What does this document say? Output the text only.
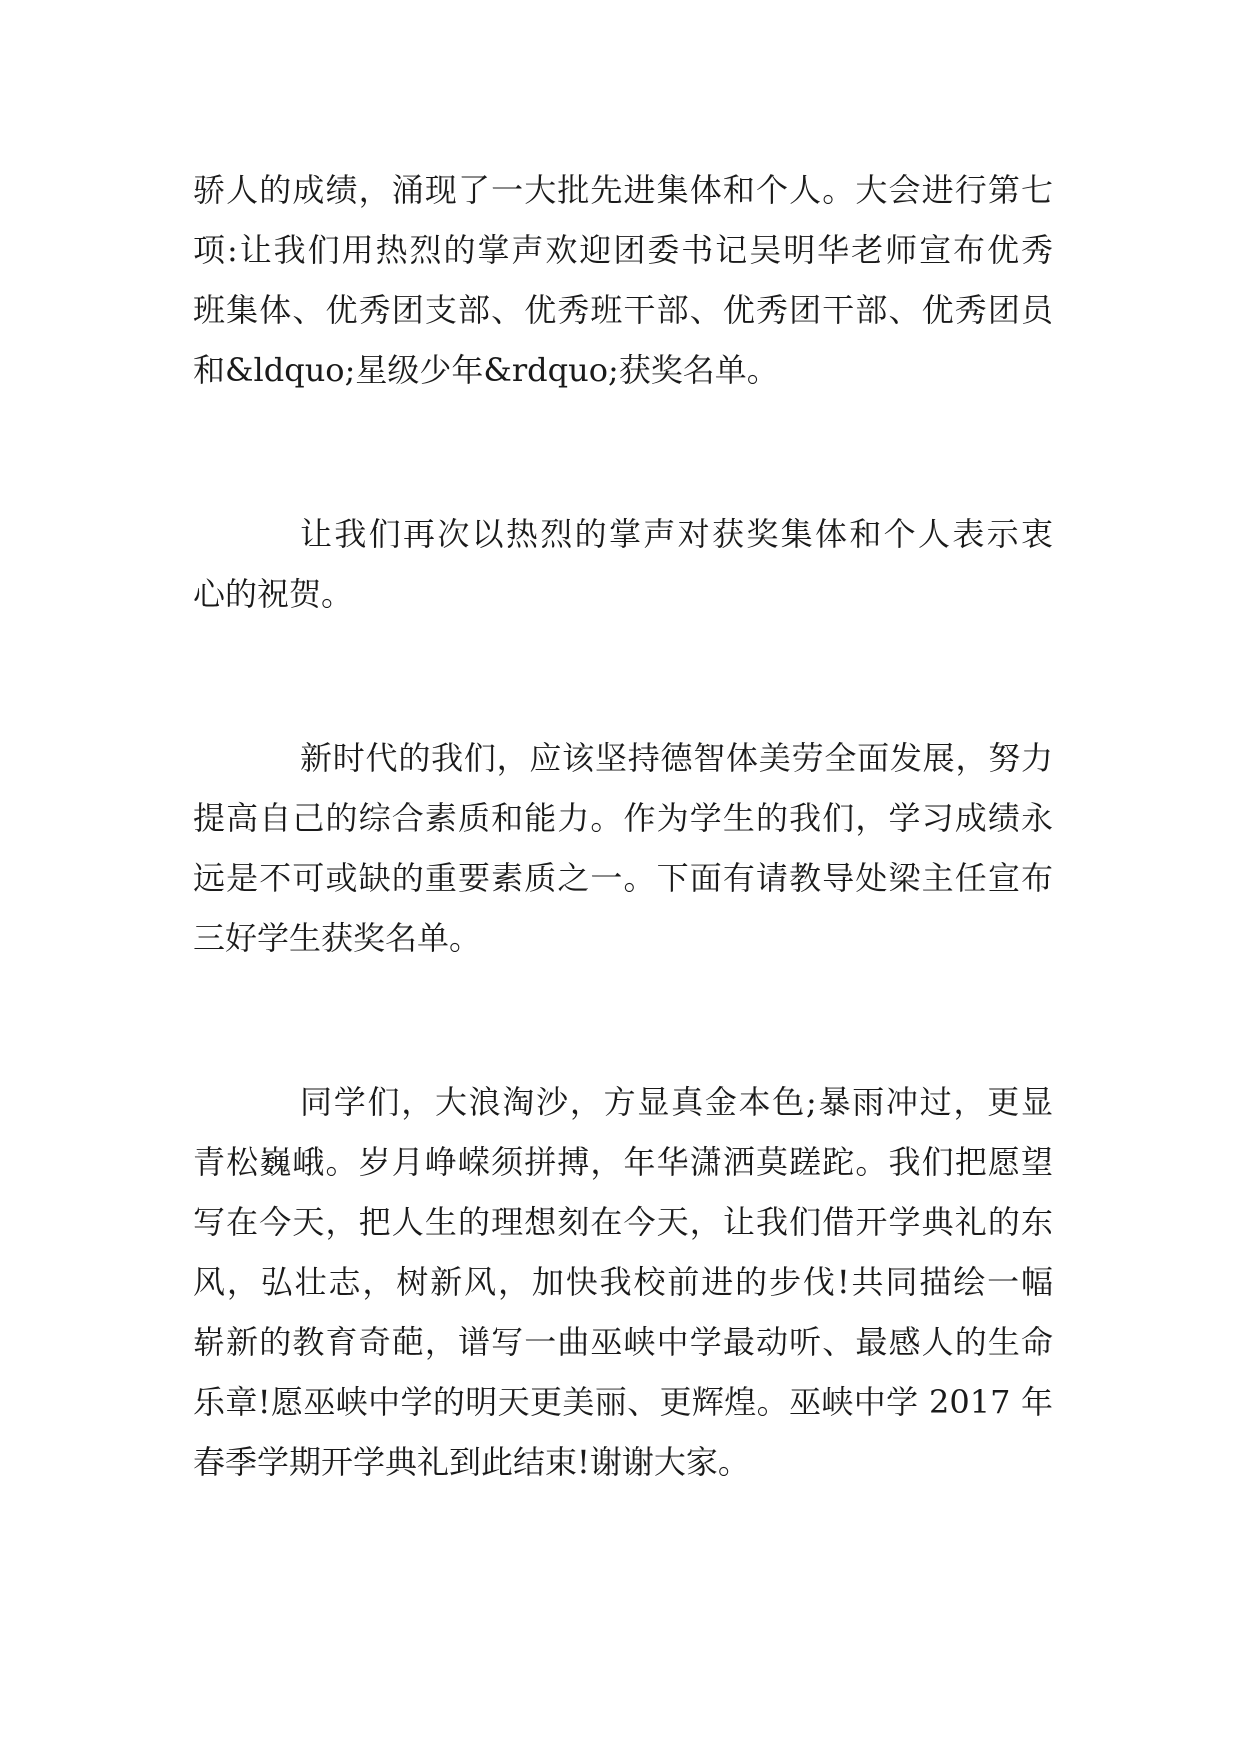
骄人的成绩，涌现了一大批先进集体和个人。大会进行第七

项:让我们用热烈的掌声欢迎团委书记吴明华老师宣布优秀

班集体、优秀团支部、优秀班干部、优秀团干部、优秀团员

和&ldquo;星级少年&rdquo;获奖名单。

让我们再次以热烈的掌声对获奖集体和个人表示衷

心的祝贺。

新时代的我们，应该坚持德智体美劳全面发展，努力

提高自己的综合素质和能力。作为学生的我们，学习成绩永

远是不可或缺的重要素质之一。下面有请教导处梁主任宣布

三好学生获奖名单。

同学们，大浪淘沙，方显真金本色;暴雨冲过，更显

青松巍峨。岁月峥嵘须拼搏，年华潇洒莫蹉跎。我们把愿望

写在今天，把人生的理想刻在今天，让我们借开学典礼的东

风，弘壮志，树新风，加快我校前进的步伐!共同描绘一幅

崭新的教育奇葩，谱写一曲巫峡中学最动听、最感人的生命

乐章!愿巫峡中学的明天更美丽、更辉煌。巫峡中学 2017 年

春季学期开学典礼到此结束!谢谢大家。
